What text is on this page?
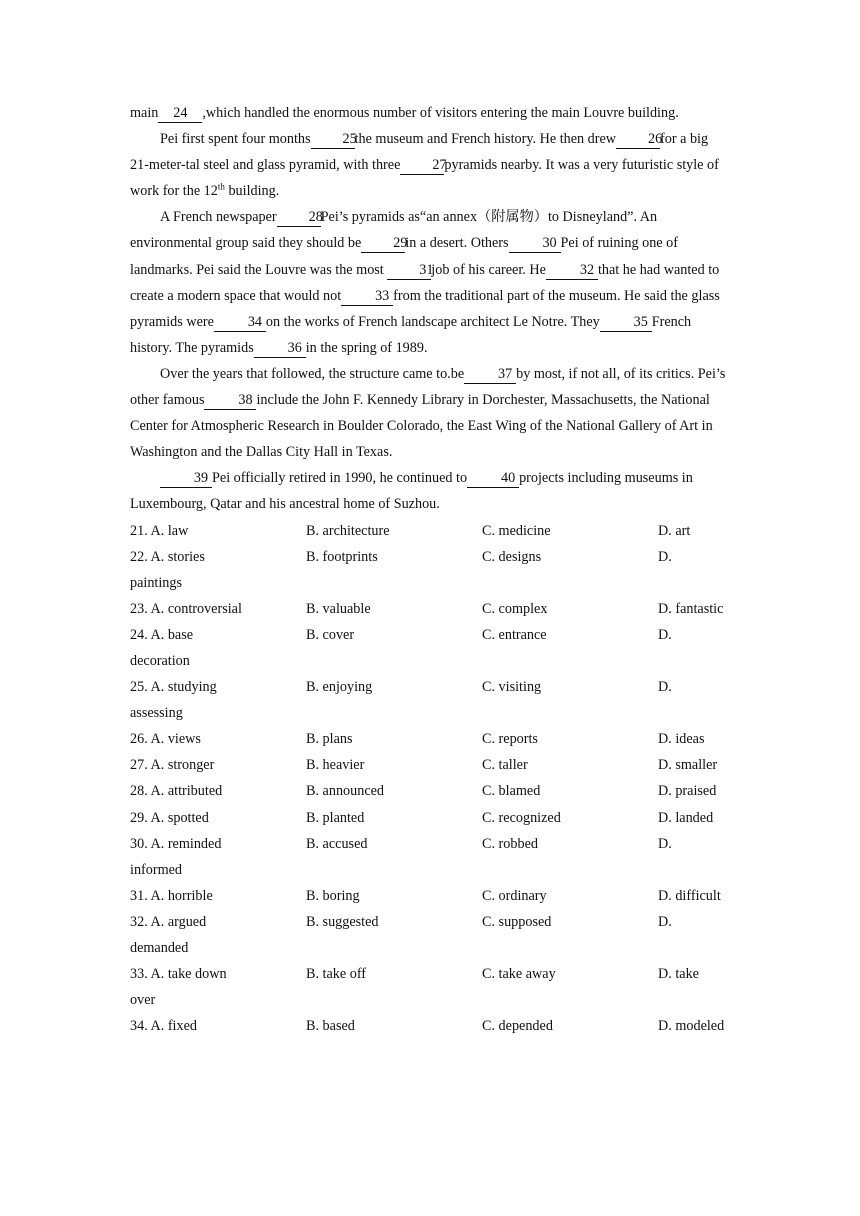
main 24 ,which handled the enormous number of visitors entering the main Louvre building.

Pei first spent four months 25the museum and French history. He then drew 26for a big 21-meter-tal steel and glass pyramid, with three 27pyramids nearby. It was a very futuristic style of work for the 12th building.

A French newspaper 28Pei’s pyramids as“an annex（附属物）to Disneyland”. An environmental group said they should be 29in a desert. Others 30 Pei of ruining one of landmarks. Pei said the Louvre was the most 31job of his career. He 32 that he had wanted to create a modern space that would not 33 from the traditional part of the museum. He said the glass pyramids were 34 on the works of French landscape architect Le Notre. They 35 French history. The pyramids 36 in the spring of 1989.

Over the years that followed, the structure came to.be 37 by most, if not all, of its critics. Pei’s other famous 38 include the John F. Kennedy Library in Dorchester, Massachusetts, the National Center for Atmospheric Research in Boulder Colorado, the East Wing of the National Gallery of Art in Washington and the Dallas City Hall in Texas.

39 Pei officially retired in 1990, he continued to 40 projects including museums in Luxembourg, Qatar and his ancestral home of Suzhou.

21. A. law	B. architecture	C. medicine	D. art
22. A. stories	B. footprints	C. designs	D.
paintings
23. A. controversial	B. valuable	C. complex	D. fantastic
24. A. base	B. cover	C. entrance	D.
decoration
25. A. studying	B. enjoying	C. visiting	D.
assessing
26. A. views	B. plans	C. reports	D. ideas
27. A. stronger	B. heavier	C. taller	D. smaller
28. A. attributed	B. announced	C. blamed	D. praised
29. A. spotted	B. planted	C. recognized	D. landed
30. A. reminded	B. accused	C. robbed	D.
informed
31. A. horrible	B. boring	C. ordinary	D. difficult
32. A. argued	B. suggested	C. supposed	D.
demanded
33. A. take down	B. take off	C. take away	D. take
over
34. A. fixed	B. based	C. depended	D. modeled
